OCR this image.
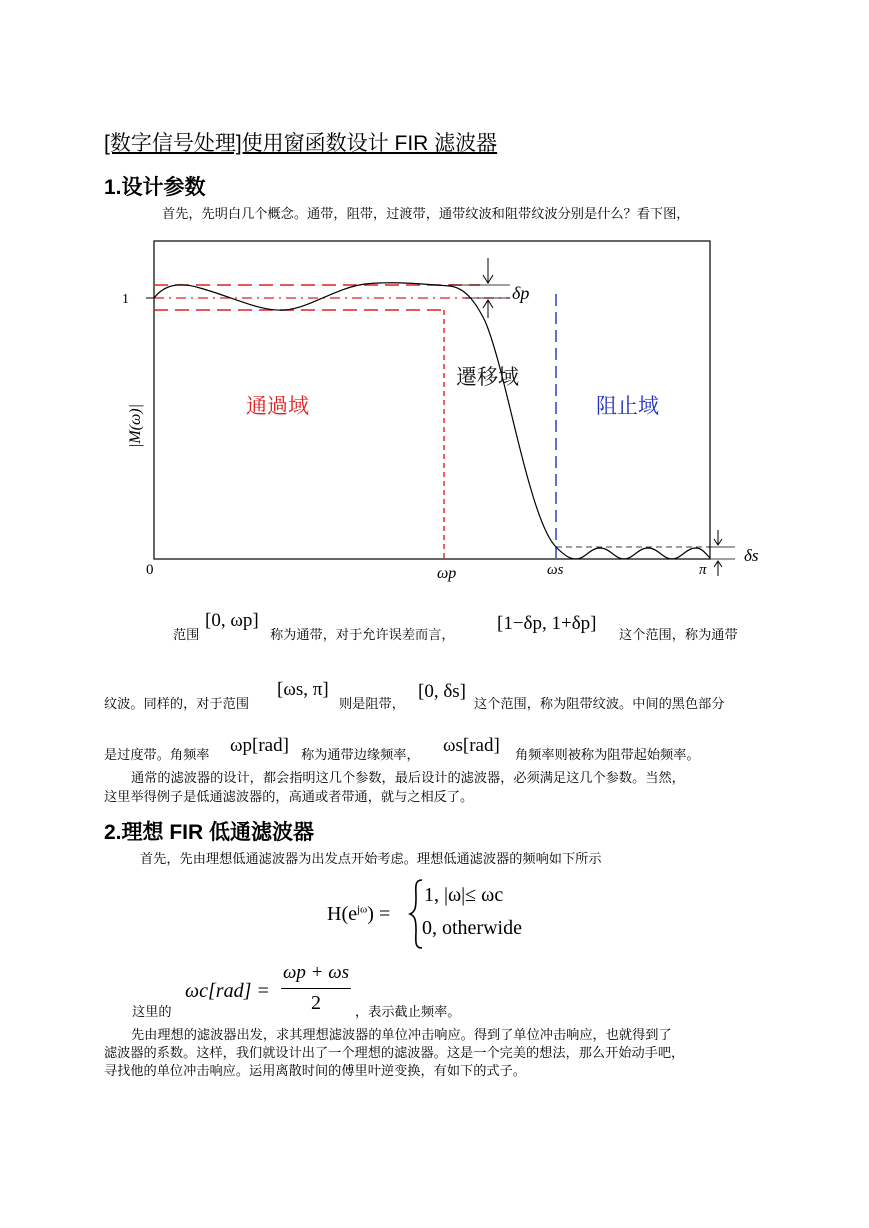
[数字信号处理]使用窗函数设计 FIR 滤波器
1.设计参数
首先，先明白几个概念。通带，阻带，过渡带，通带纹波和阻带纹波分别是什么？看下图，
1
0	ωp	ωs	π
δp
δs
|M(ω)|	通過域
遷移域
阻止域
范围
[0, ωp]
称为通带，对于允许误差而言，
[1−δp, 1+δp]
这个范围，称为通带
纹波。同样的，对于范围
[ωs, π]
则是阻带，
[0, δs]
这个范围，称为阻带纹波。中间的黑色部分
是过度带。角频率 ωp[rad] 称为通带边缘频率， ωs[rad] 角频率则被称为阻带起始频率。
通常的滤波器的设计，都会指明这几个参数，最后设计的滤波器，必须满足这几个参数。当然，
这里举得例子是低通滤波器的，高通或者带通，就与之相反了。
2.理想 FIR 低通滤波器
首先，先由理想低通滤波器为出发点开始考虑。理想低通滤波器的频响如下所示
$H(e^{j\omega})$ =
1, |ω|≤ ωc
0, otherwide
这里的
ωc[rad] =
ωp + ωs
2	，表示截止频率。
先由理想的滤波器出发，求其理想滤波器的单位冲击响应。得到了单位冲击响应，也就得到了
滤波器的系数。这样，我们就设计出了一个理想的滤波器。这是一个完美的想法，那么开始动手吧，
寻找他的单位冲击响应。运用离散时间的傅里叶逆变换，有如下的式子。
